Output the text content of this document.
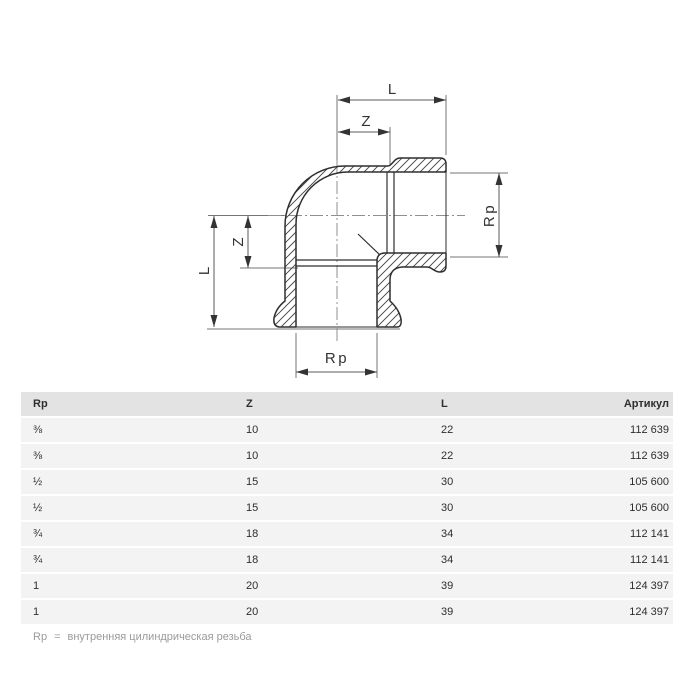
L
Z
Rp
L
Z
Rp
Rp	Z	L	Артикул
⅜	10	22	112 639
⅜	10	22	112 639
½	15	30	105 600
½	15	30	105 600
¾	18	34	112 141
¾	18	34	112 141
1	20	39	124 397
1	20	39	124 397
Rp = внутренняя цилиндрическая резьба
